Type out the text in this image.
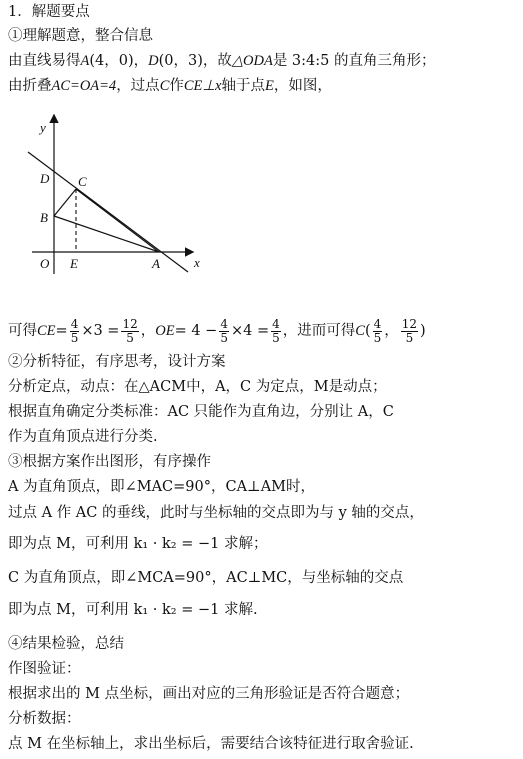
1．解题要点
①理解题意，整合信息
由直线易得A(4，0)，D(0，3)，故△ODA是 3:4:5 的直角三角形；
由折叠AC=OA=4，过点C作CE⊥x轴于点E，如图，
y
x
D C
B
O E	A
可得$CE= \frac{4}{5} \times 3 = \frac{12}{5}$ ，$OE= 4 - \frac{4}{5} \times 4 = \frac{4}{5}$ ，进而可得$C( \frac{4}{5}$ ， $\frac{12}{5}$ )
②分析特征，有序思考，设计方案
分析定点，动点：在△ACM中，A，C 为定点，M是动点；
根据直角确定分类标准：AC 只能作为直角边，分别让 A，C
作为直角顶点进行分类.
③根据方案作出图形，有序操作
A 为直角顶点，即∠MAC=90°，CA⊥AM时，
过点 A 作 AC 的垂线，此时与坐标轴的交点即为与 y 轴的交点，
即为点 M，可利用 k₁ · k₂ = −1 求解；
C 为直角顶点，即∠MCA=90°，AC⊥MC，与坐标轴的交点
即为点 M，可利用 k₁ · k₂ = −1 求解.
④结果检验，总结
作图验证：
根据求出的 M 点坐标，画出对应的三角形验证是否符合题意；
分析数据：
点 M 在坐标轴上，求出坐标后，需要结合该特征进行取舍验证.
